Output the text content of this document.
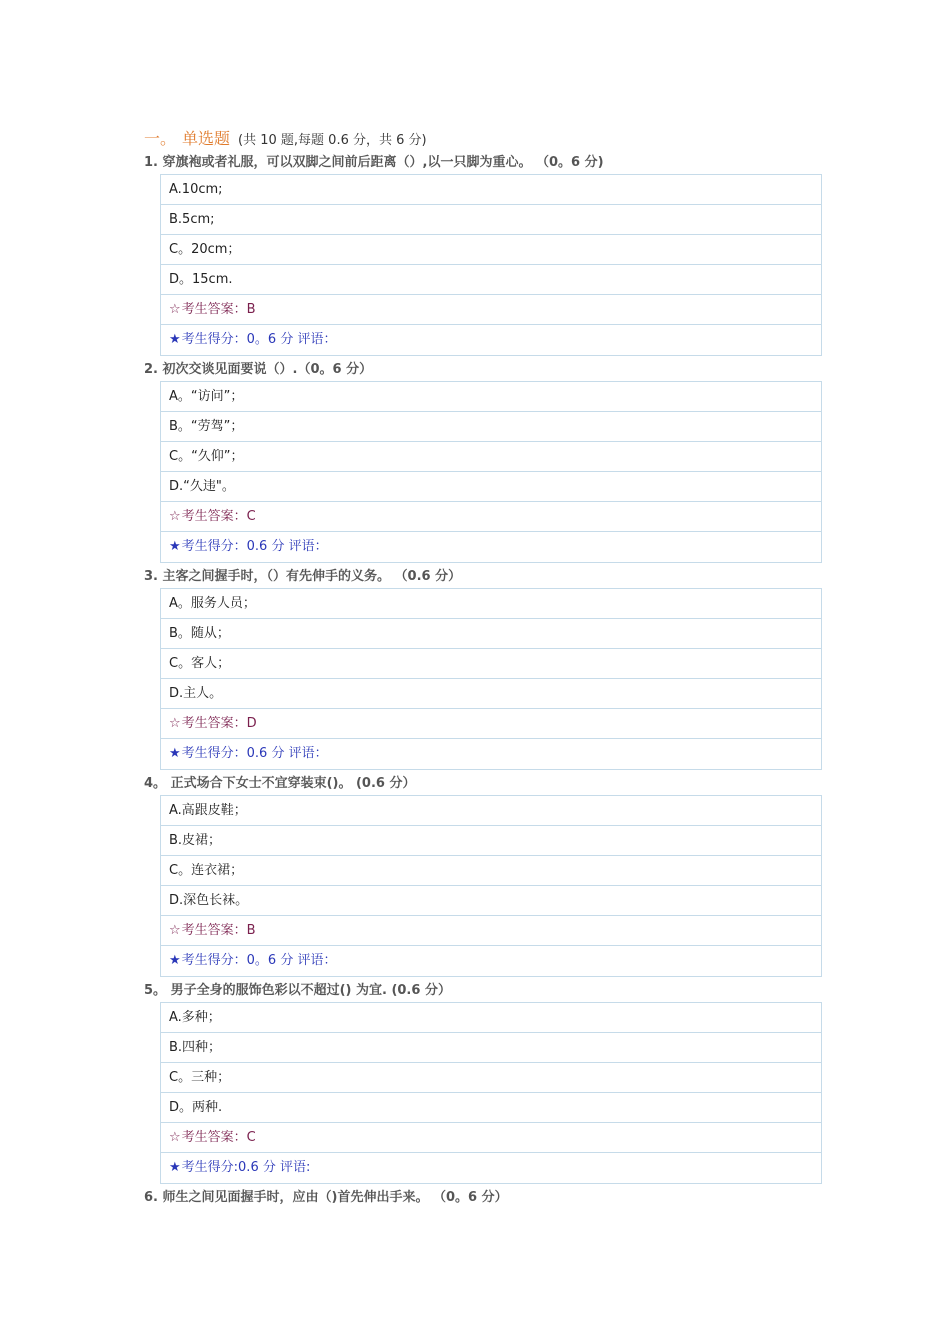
一。 单选题 (共 10 题,每题 0.6 分，共 6 分)
1. 穿旗袍或者礼服，可以双脚之间前后距离（）,以一只脚为重心。 （0。6 分)
A.10cm;
B.5cm;
C。20cm；
D。15cm.
☆考生答案：B
★考生得分：0。6 分 评语：
2. 初次交谈见面要说（）.（0。6 分）
A。“访问”；
B。“劳驾”；
C。“久仰”；
D.“久违"。
☆考生答案：C
★考生得分：0.6 分 评语：
3. 主客之间握手时，（）有先伸手的义务。 （0.6 分）
A。服务人员；
B。随从；
C。客人；
D.主人。
☆考生答案：D
★考生得分：0.6 分 评语：
4。 正式场合下女士不宜穿装束()。 (0.6 分）
A.高跟皮鞋；
B.皮裙；
C。连衣裙；
D.深色长袜。
☆考生答案：B
★考生得分：0。6 分 评语：
5。 男子全身的服饰色彩以不超过() 为宜. (0.6 分）
A.多种；
B.四种；
C。三种；
D。两种.
☆考生答案：C
★考生得分:0.6 分 评语:
6. 师生之间见面握手时，应由（)首先伸出手来。 （0。6 分）
